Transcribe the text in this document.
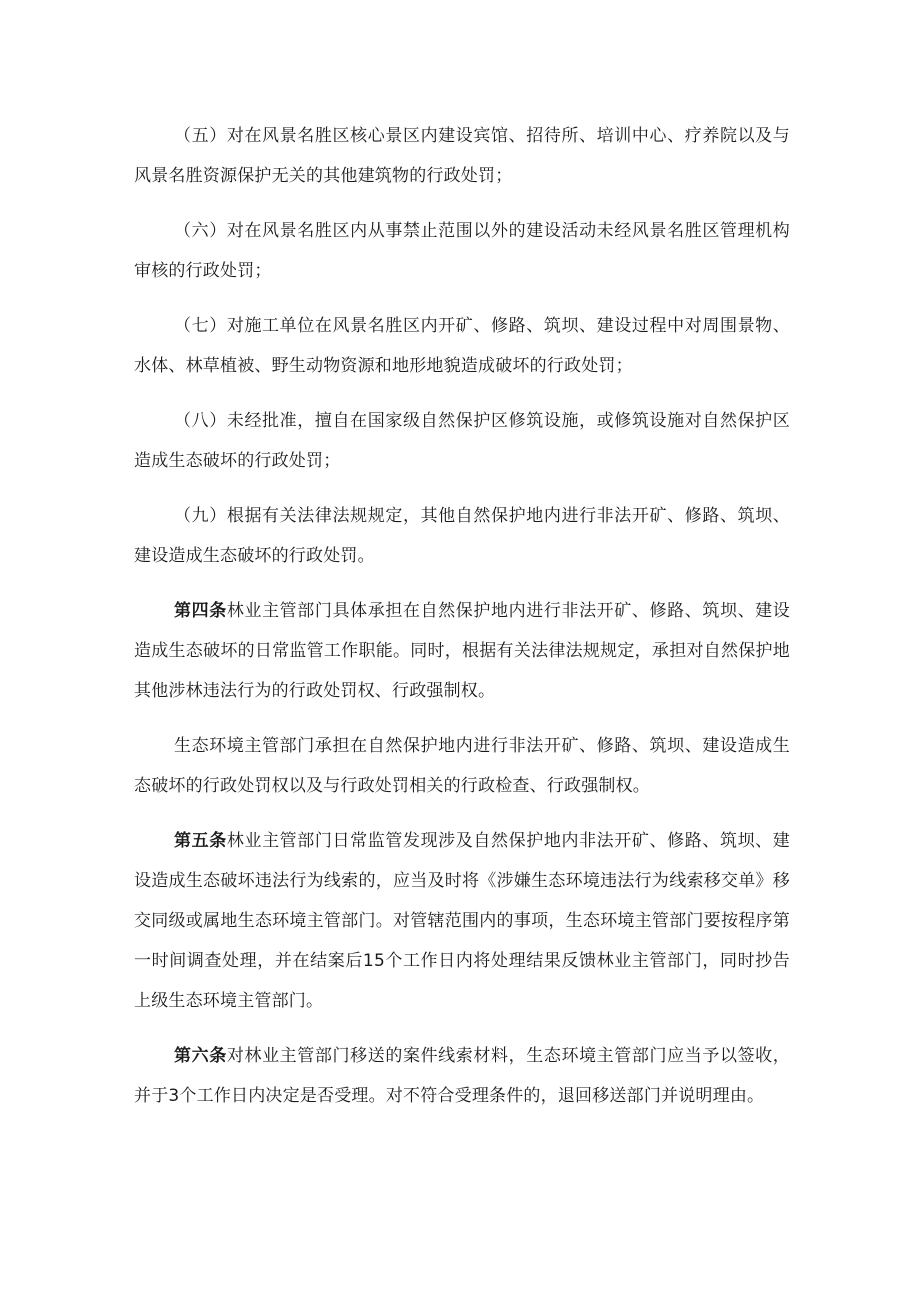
（五）对在风景名胜区核心景区内建设宾馆、招待所、培训中心、疗养院以及与风景名胜资源保护无关的其他建筑物的行政处罚；

（六）对在风景名胜区内从事禁止范围以外的建设活动未经风景名胜区管理机构审核的行政处罚；

（七）对施工单位在风景名胜区内开矿、修路、筑坝、建设过程中对周围景物、水体、林草植被、野生动物资源和地形地貌造成破坏的行政处罚；

（八）未经批准，擅自在国家级自然保护区修筑设施，或修筑设施对自然保护区造成生态破坏的行政处罚；

（九）根据有关法律法规规定，其他自然保护地内进行非法开矿、修路、筑坝、建设造成生态破坏的行政处罚。

第四条林业主管部门具体承担在自然保护地内进行非法开矿、修路、筑坝、建设造成生态破坏的日常监管工作职能。同时，根据有关法律法规规定，承担对自然保护地其他涉林违法行为的行政处罚权、行政强制权。

生态环境主管部门承担在自然保护地内进行非法开矿、修路、筑坝、建设造成生态破坏的行政处罚权以及与行政处罚相关的行政检查、行政强制权。

第五条林业主管部门日常监管发现涉及自然保护地内非法开矿、修路、筑坝、建设造成生态破坏违法行为线索的，应当及时将《涉嫌生态环境违法行为线索移交单》移交同级或属地生态环境主管部门。对管辖范围内的事项，生态环境主管部门要按程序第一时间调查处理，并在结案后15个工作日内将处理结果反馈林业主管部门，同时抄告上级生态环境主管部门。

第六条对林业主管部门移送的案件线索材料，生态环境主管部门应当予以签收，并于3个工作日内决定是否受理。对不符合受理条件的，退回移送部门并说明理由。
